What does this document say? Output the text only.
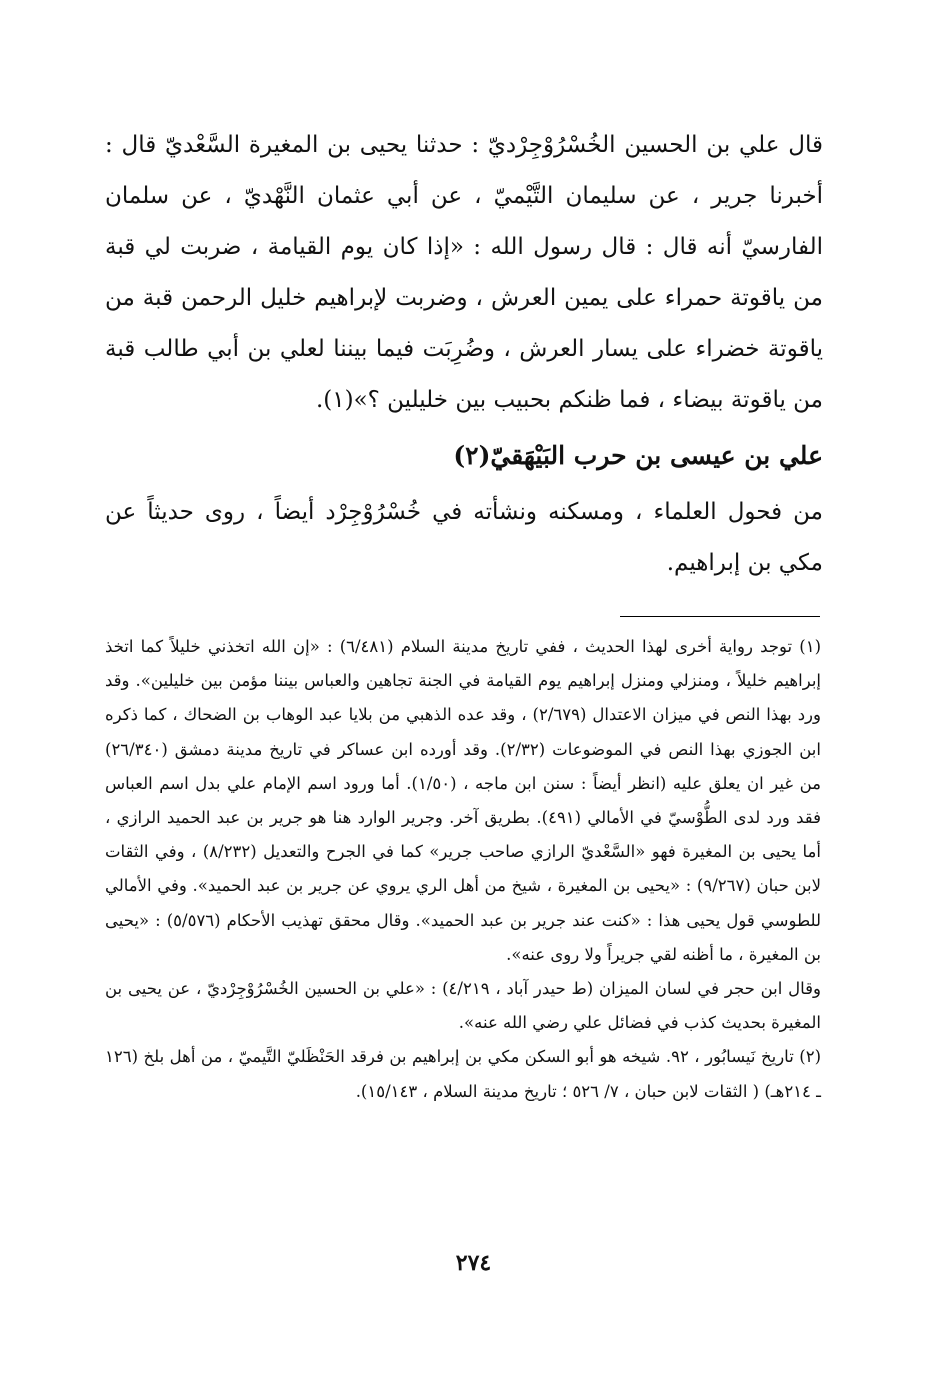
قال علي بن الحسين الخُسْرُوْجِرْديّ : حدثنا يحيى بن المغيرة السَّعْديّ قال : أخبرنا جرير ، عن سليمان التَّيْميّ ، عن أبي عثمان النَّهْديّ ، عن سلمان الفارسيّ أنه قال : قال رسول الله : «إذا كان يوم القيامة ، ضربت لي قبة من ياقوتة حمراء على يمين العرش ، وضربت لإبراهيم خليل الرحمن قبة من ياقوتة خضراء على يسار العرش ، وضُرِبَت فيما بيننا لعلي بن أبي طالب قبة من ياقوتة بيضاء ، فما ظنكم بحبيب بين خليلين ؟»(١).

علي بن عيسى بن حرب البَيْهَقيّ(٢)

من فحول العلماء ، ومسكنه ونشأته في خُسْرُوْجِرْد أيضاً ، روى حديثاً عن مكي بن إبراهيم.

(١) توجد رواية أخرى لهذا الحديث ، ففي تاريخ مدينة السلام (٦/٤٨١) : «إن الله اتخذني خليلاً كما اتخذ إبراهيم خليلاً ، ومنزلي ومنزل إبراهيم يوم القيامة في الجنة تجاهين والعباس بيننا مؤمن بين خليلين». وقد ورد بهذا النص في ميزان الاعتدال (٢/٦٧٩) ، وقد عده الذهبي من بلايا عبد الوهاب بن الضحاك ، كما ذكره ابن الجوزي بهذا النص في الموضوعات (٢/٣٢). وقد أورده ابن عساكر في تاريخ مدينة دمشق (٢٦/٣٤٠) من غير ان يعلق عليه (انظر أيضاً : سنن ابن ماجه ، (١/٥٠). أما ورود اسم الإمام علي بدل اسم العباس فقد ورد لدى الطُّوْسيّ في الأمالي (٤٩١). بطريق آخر. وجرير الوارد هنا هو جرير بن عبد الحميد الرازي ، أما يحيى بن المغيرة فهو «السَّعْديّ الرازي صاحب جرير» كما في الجرح والتعديل (٨/٢٣٢) ، وفي الثقات لابن حبان (٩/٢٦٧) : «يحيى بن المغيرة ، شيخ من أهل الري يروي عن جرير بن عبد الحميد». وفي الأمالي للطوسي قول يحيى هذا : «كنت عند جرير بن عبد الحميد». وقال محقق تهذيب الأحكام (٥/٥٧٦) : «يحيى بن المغيرة ، ما أظنه لقي جريراً ولا روى عنه».

وقال ابن حجر في لسان الميزان (ط حيدر آباد ، ٤/٢١٩) : «علي بن الحسين الخُسْرُوْجِرْديّ ، عن يحيى بن المغيرة بحديث كذب في فضائل علي رضي الله عنه».

(٢) تاريخ نَيسابُور ، ٩٢. شيخه هو أبو السكن مكي بن إبراهيم بن فرقد الحَنْظَليّ التَّيميّ ، من أهل بلخ (١٢٦ ـ ٢١٤هـ) ( الثقات لابن حبان ، ٧/ ٥٢٦ ؛ تاريخ مدينة السلام ، ١٥/١٤٣).

٢٧٤
